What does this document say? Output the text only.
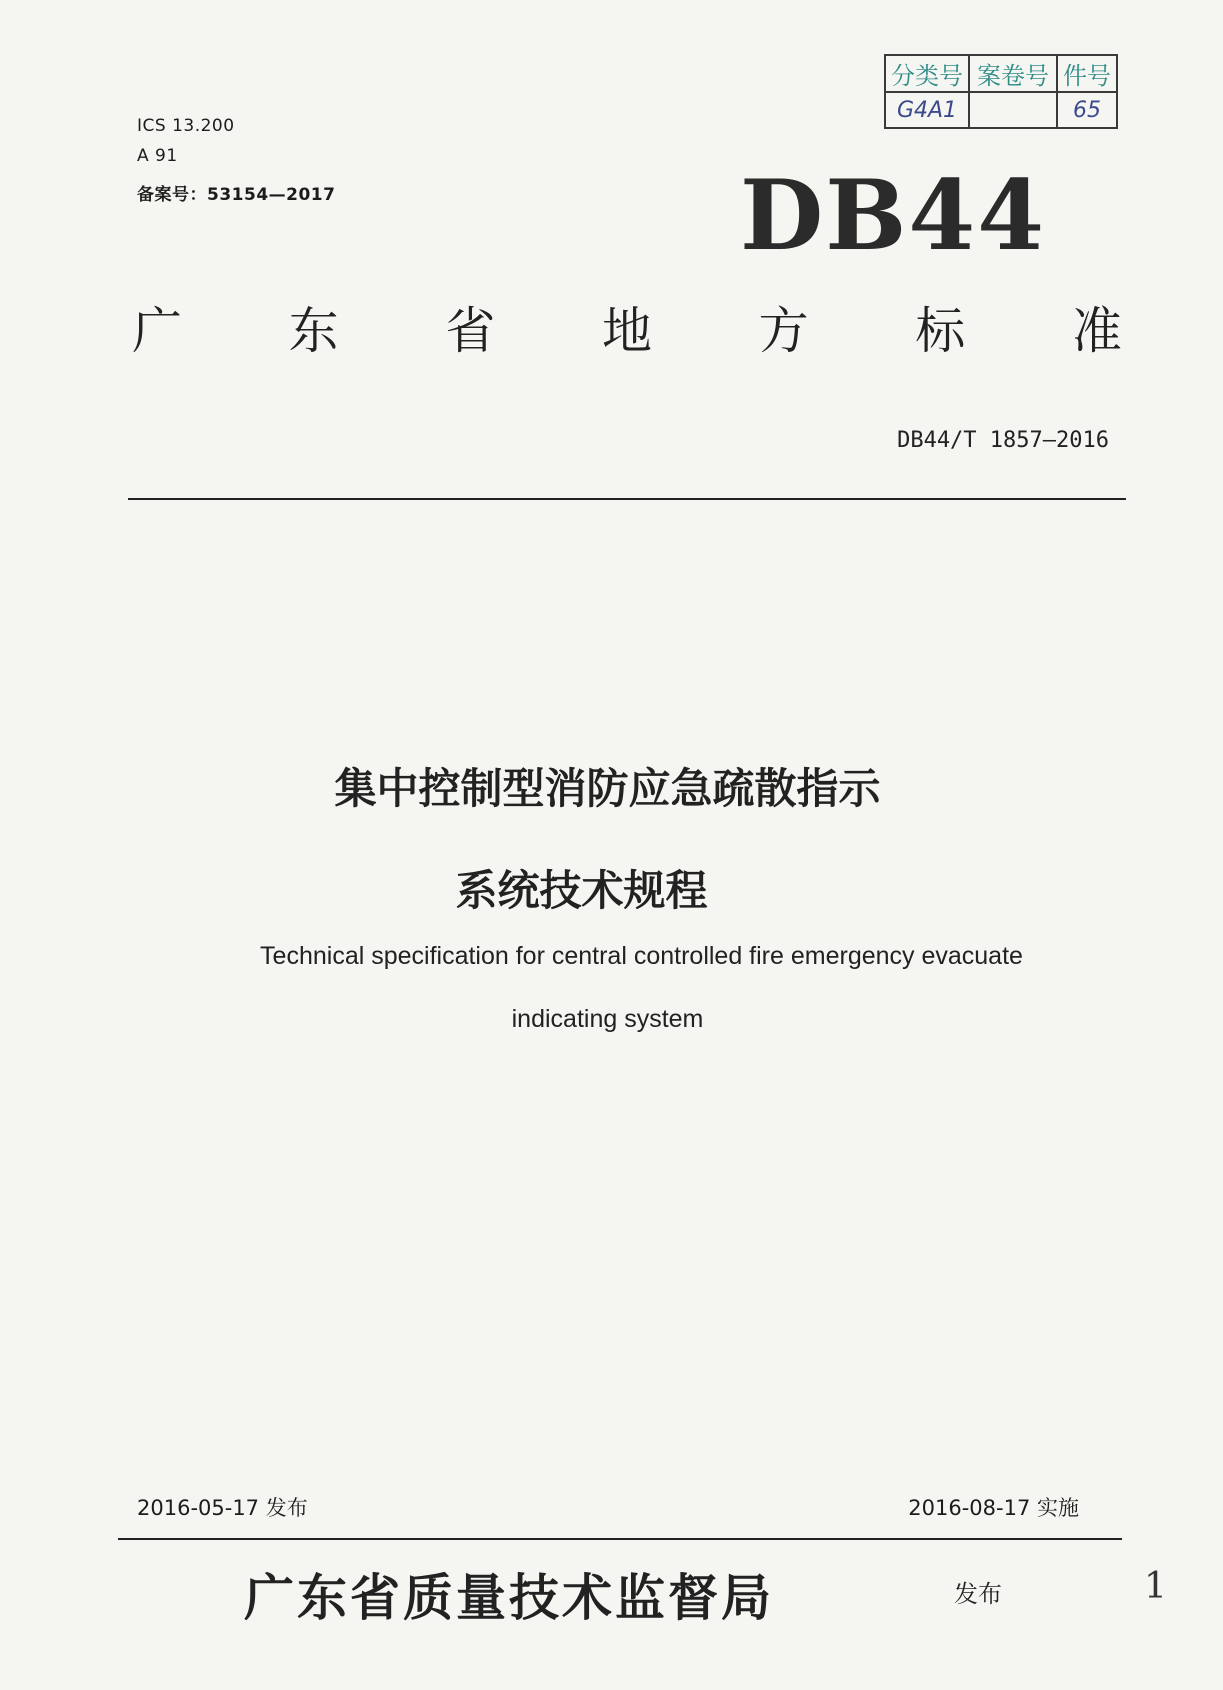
分类号	案卷号	件号
G4A1		65
ICS 13.200
A 91
备案号：53154—2017	DB44
广 东 省 地 方 标 准
DB44/T 1857—2016
集中控制型消防应急疏散指示
系统技术规程
Technical specification for central controlled fire emergency evacuate
indicating system
2016-05-17 发布	2016-08-17 实施
广东省质量技术监督局	发布	1
